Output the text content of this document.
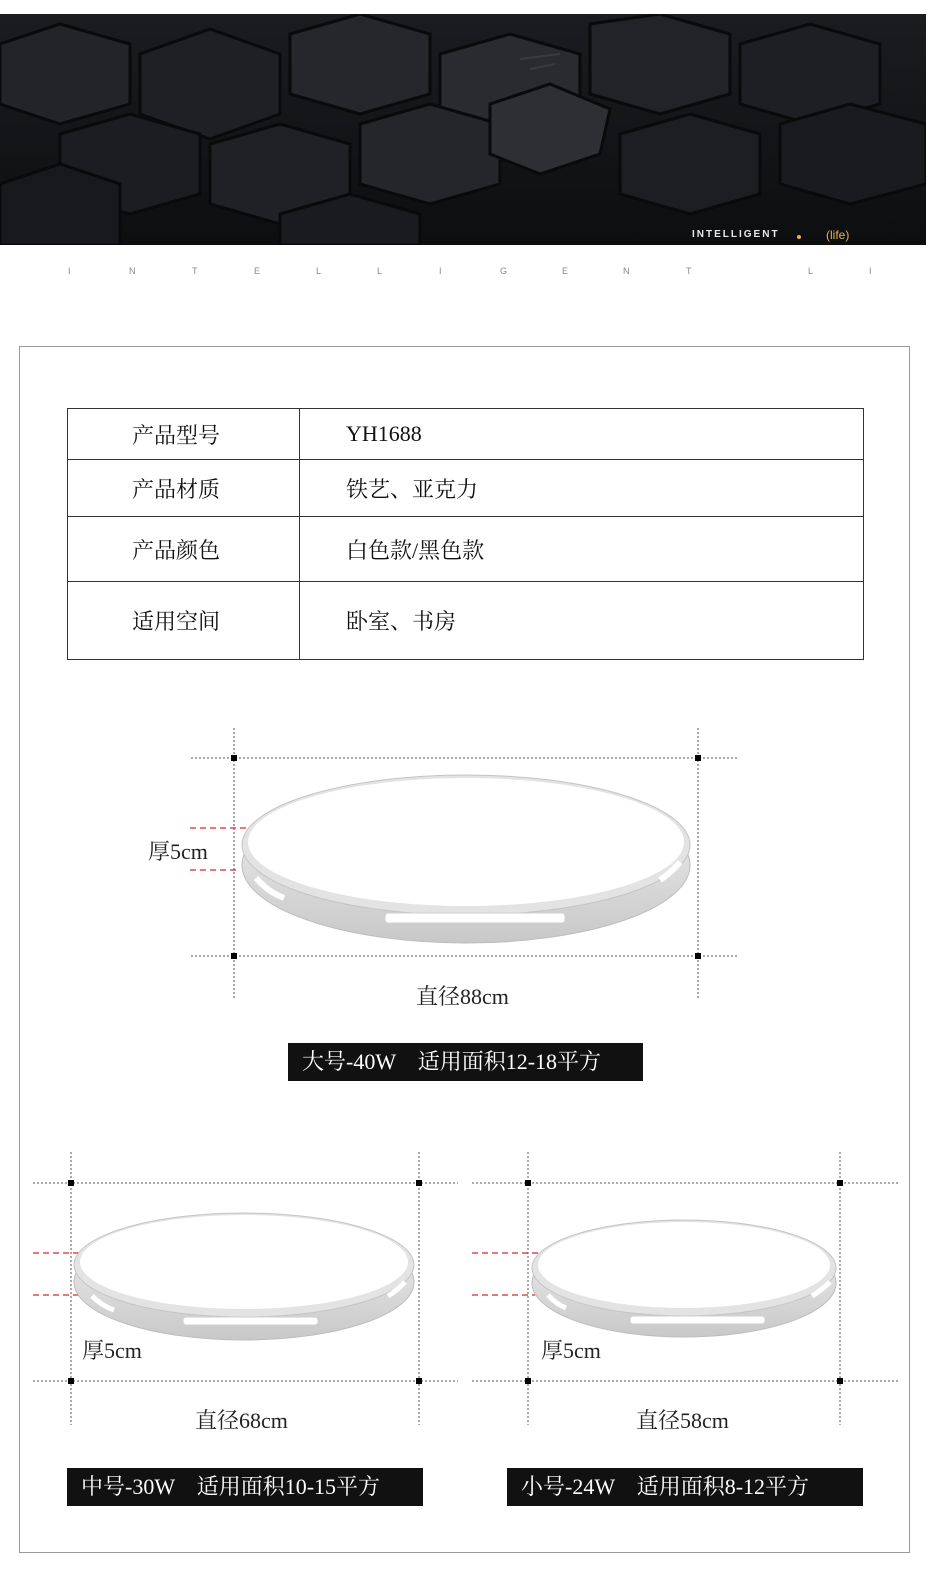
INTELLIGENT	(life)
I	N	T	E	L	L	I	G	E	N	T	L	I
产品型号	YH1688
产品材质	铁艺、亚克力
产品颜色	白色款/黑色款
适用空间	卧室、书房
厚5cm
直径88cm
大号-40W    适用面积12-18平方
厚5cm
直径68cm
中号-30W    适用面积10-15平方
厚5cm
直径58cm
小号-24W    适用面积8-12平方
